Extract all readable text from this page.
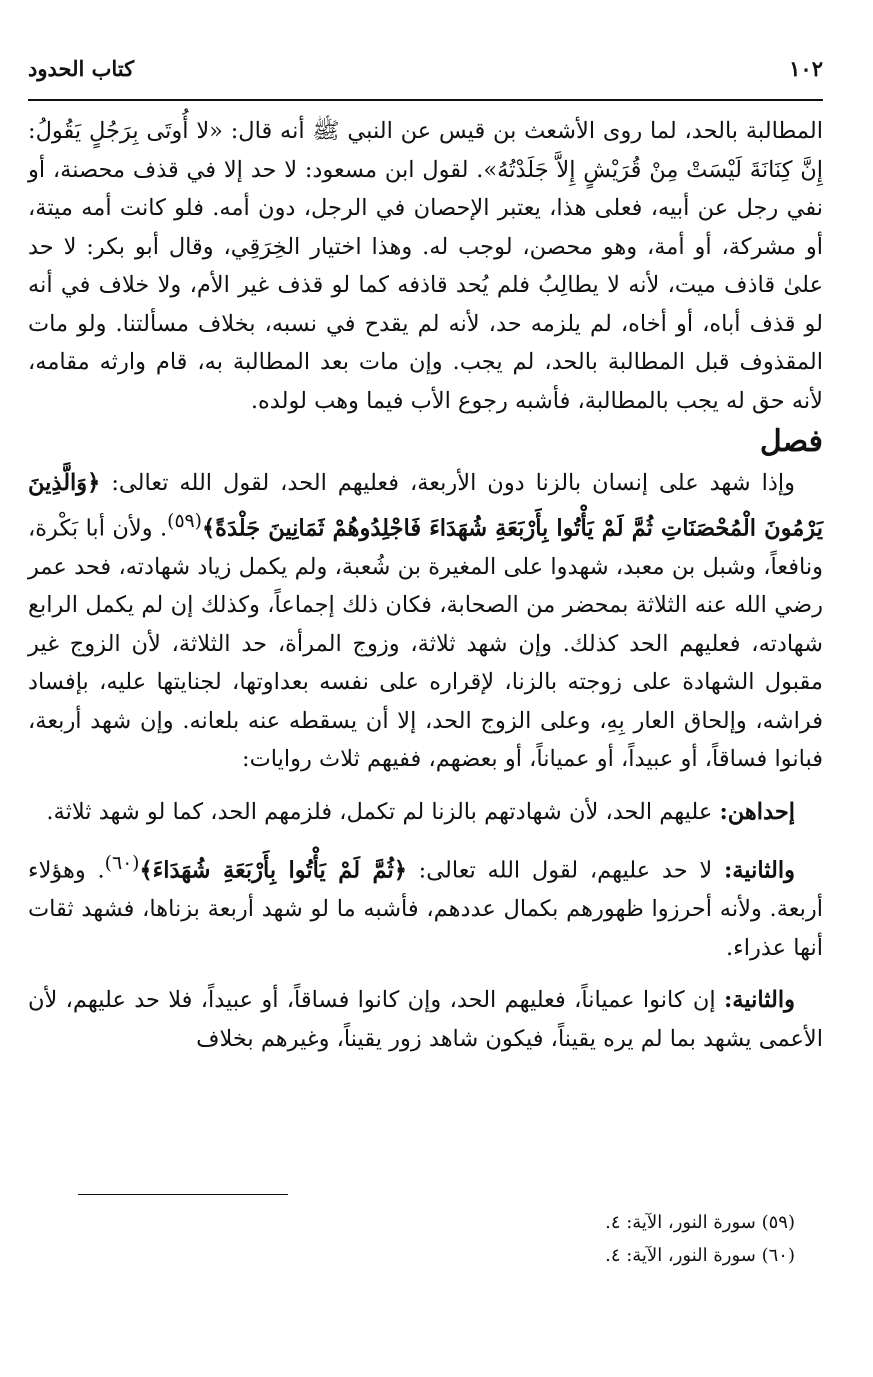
١٠٢
كتاب الحدود

المطالبة بالحد، لما روى الأشعث بن قيس عن النبي ﷺ أنه قال: «لا أُوتَى بِرَجُلٍ يَقُولُ: إِنَّ كِنَانَةَ لَيْسَتْ مِنْ قُرَيْشٍ إِلاَّ جَلَدْتُهُ». لقول ابن مسعود: لا حد إلا في قذف محصنة، أو نفي رجل عن أبيه، فعلى هذا، يعتبر الإحصان في الرجل، دون أمه. فلو كانت أمه ميتة، أو مشركة، أو أمة، وهو محصن، لوجب له. وهذا اختيار الخِرَقِي، وقال أبو بكر: لا حد علىٰ قاذف ميت، لأنه لا يطالِبُ فلم يُحد قاذفه كما لو قذف غير الأم، ولا خلاف في أنه لو قذف أباه، أو أخاه، لم يلزمه حد، لأنه لم يقدح في نسبه، بخلاف مسألتنا. ولو مات المقذوف قبل المطالبة بالحد، لم يجب. وإن مات بعد المطالبة به، قام وارثه مقامه، لأنه حق له يجب بالمطالبة، فأشبه رجوع الأب فيما وهب لولده.

فصل

وإذا شهد على إنسان بالزنا دون الأربعة، فعليهم الحد، لقول الله تعالى: ﴿وَالَّذِينَ يَرْمُونَ الْمُحْصَنَاتِ ثُمَّ لَمْ يَأْتُوا بِأَرْبَعَةِ شُهَدَاءَ فَاجْلِدُوهُمْ ثَمَانِينَ جَلْدَةً﴾$^{(٥٩)}$. ولأن أبا بَكْرة، ونافعاً، وشبل بن معبد، شهدوا على المغيرة بن شُعبة، ولم يكمل زياد شهادته، فحد عمر رضي الله عنه الثلاثة بمحضر من الصحابة، فكان ذلك إجماعاً، وكذلك إن لم يكمل الرابع شهادته، فعليهم الحد كذلك. وإن شهد ثلاثة، وزوج المرأة، حد الثلاثة، لأن الزوج غير مقبول الشهادة على زوجته بالزنا، لإقراره على نفسه بعداوتها، لجنايتها عليه، بإفساد فراشه، وإلحاق العار بِهِ، وعلى الزوج الحد، إلا أن يسقطه عنه بلعانه. وإن شهد أربعة، فبانوا فساقاً، أو عبيداً، أو عمياناً، أو بعضهم، ففيهم ثلاث روايات:

إحداهن: عليهم الحد، لأن شهادتهم بالزنا لم تكمل، فلزمهم الحد، كما لو شهد ثلاثة.

والثانية: لا حد عليهم، لقول الله تعالى: ﴿ثُمَّ لَمْ يَأْتُوا بِأَرْبَعَةِ شُهَدَاءَ﴾$^{(٦٠)}$. وهؤلاء أربعة. ولأنه أحرزوا ظهورهم بكمال عددهم، فأشبه ما لو شهد أربعة بزناها، فشهد ثقات أنها عذراء.

والثانية: إن كانوا عمياناً، فعليهم الحد، وإن كانوا فساقاً، أو عبيداً، فلا حد عليهم، لأن الأعمى يشهد بما لم يره يقيناً، فيكون شاهد زور يقيناً، وغيرهم بخلاف

(٥٩) سورة النور، الآية: ٤.

(٦٠) سورة النور، الآية: ٤.
